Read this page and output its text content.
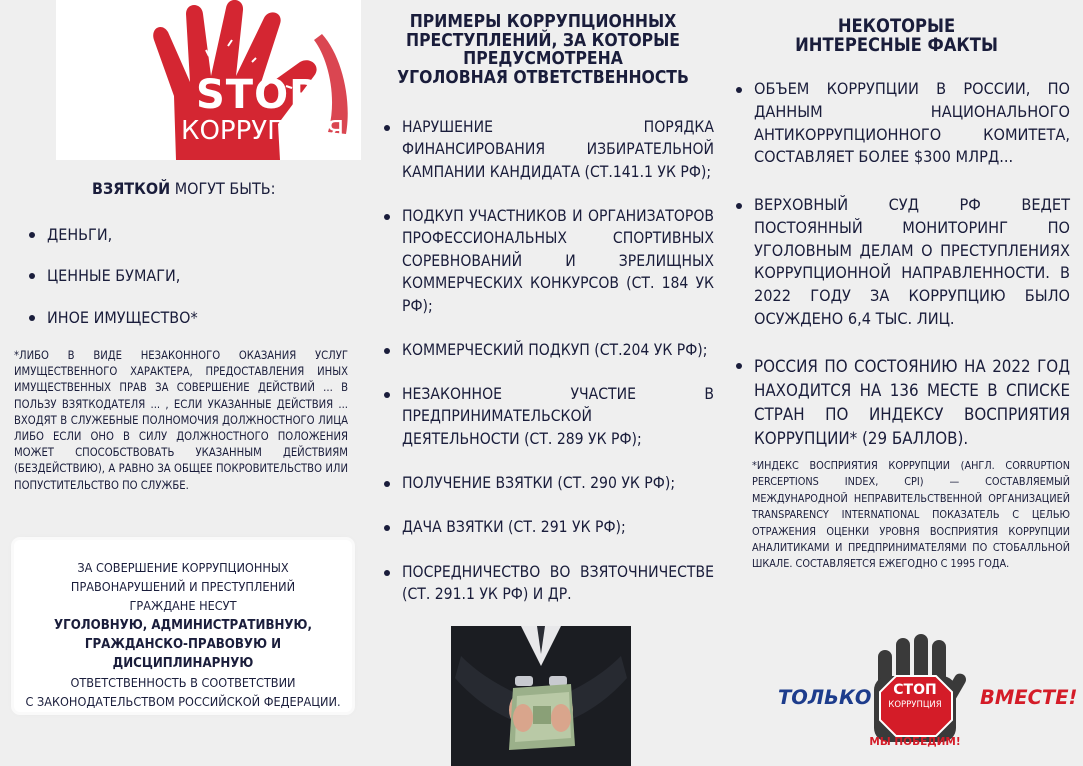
STOP
КОРРУПЦИЯ
ВЗЯТКОЙ МОГУТ БЫТЬ:
ДЕНЬГИ,
ЦЕННЫЕ БУМАГИ,
ИНОЕ ИМУЩЕСТВО*
*ЛИБО В ВИДЕ НЕЗАКОННОГО ОКАЗАНИЯ УСЛУГ ИМУЩЕСТВЕННОГО ХАРАКТЕРА, ПРЕДОСТАВЛЕНИЯ ИНЫХ ИМУЩЕСТВЕННЫХ ПРАВ ЗА СОВЕРШЕНИЕ ДЕЙСТВИЙ ... В ПОЛЬЗУ ВЗЯТКОДАТЕЛЯ ... , ЕСЛИ УКАЗАННЫЕ ДЕЙСТВИЯ ... ВХОДЯТ В СЛУЖЕБНЫЕ ПОЛНОМОЧИЯ ДОЛЖНОСТНОГО ЛИЦА ЛИБО ЕСЛИ ОНО В СИЛУ ДОЛЖНОСТНОГО ПОЛОЖЕНИЯ МОЖЕТ СПОСОБСТВОВАТЬ УКАЗАННЫМ ДЕЙСТВИЯМ (БЕЗДЕЙСТВИЮ), А РАВНО ЗА ОБЩЕЕ ПОКРОВИТЕЛЬСТВО ИЛИ ПОПУСТИТЕЛЬСТВО ПО СЛУЖБЕ.
ЗА СОВЕРШЕНИЕ КОРРУПЦИОННЫХ
ПРАВОНАРУШЕНИЙ И ПРЕСТУПЛЕНИЙ
ГРАЖДАНЕ НЕСУТ
УГОЛОВНУЮ, АДМИНИСТРАТИВНУЮ,
ГРАЖДАНСКО-ПРАВОВУЮ И ДИСЦИПЛИНАРНУЮ
ОТВЕТСТВЕННОСТЬ В СООТВЕТСТВИИ
С ЗАКОНОДАТЕЛЬСТВОМ РОССИЙСКОЙ ФЕДЕРАЦИИ.
ПРИМЕРЫ КОРРУПЦИОННЫХ
ПРЕСТУПЛЕНИЙ, ЗА КОТОРЫЕ
ПРЕДУСМОТРЕНА
УГОЛОВНАЯ ОТВЕТСТВЕННОСТЬ
НАРУШЕНИЕ ПОРЯДКА ФИНАНСИРОВАНИЯ ИЗБИРАТЕЛЬНОЙ КАМПАНИИ КАНДИДАТА (СТ.141.1 УК РФ);
ПОДКУП УЧАСТНИКОВ И ОРГАНИЗАТОРОВ ПРОФЕССИОНАЛЬНЫХ СПОРТИВНЫХ СОРЕВНОВАНИЙ И ЗРЕЛИЩНЫХ КОММЕРЧЕСКИХ КОНКУРСОВ (СТ. 184 УК РФ);
КОММЕРЧЕСКИЙ ПОДКУП (СТ.204 УК РФ);
НЕЗАКОННОЕ УЧАСТИЕ В ПРЕДПРИНИМАТЕЛЬСКОЙ ДЕЯТЕЛЬНОСТИ (СТ. 289 УК РФ);
ПОЛУЧЕНИЕ ВЗЯТКИ (СТ. 290 УК РФ);
ДАЧА ВЗЯТКИ (СТ. 291 УК РФ);
ПОСРЕДНИЧЕСТВО ВО ВЗЯТОЧНИЧЕСТВЕ (СТ. 291.1 УК РФ) И ДР.
НЕКОТОРЫЕ
ИНТЕРЕСНЫЕ ФАКТЫ
ОБЪЕМ КОРРУПЦИИ В РОССИИ, ПО ДАННЫМ НАЦИОНАЛЬНОГО АНТИКОРРУПЦИОННОГО КОМИТЕТА, СОСТАВЛЯЕТ БОЛЕЕ $300 МЛРД...
ВЕРХОВНЫЙ СУД РФ ВЕДЕТ ПОСТОЯННЫЙ МОНИТОРИНГ ПО УГОЛОВНЫМ ДЕЛАМ О ПРЕСТУПЛЕНИЯХ КОРРУПЦИОННОЙ НАПРАВЛЕННОСТИ. В 2022 ГОДУ ЗА КОРРУПЦИЮ БЫЛО ОСУЖДЕНО 6,4 ТЫС. ЛИЦ.
РОССИЯ ПО СОСТОЯНИЮ НА 2022 ГОД НАХОДИТСЯ НА 136 МЕСТЕ В СПИСКЕ СТРАН ПО ИНДЕКСУ ВОСПРИЯТИЯ КОРРУПЦИИ* (29 БАЛЛОВ).
*ИНДЕКС ВОСПРИЯТИЯ КОРРУПЦИИ (АНГЛ. CORRUPTION PERCEPTIONS INDEX, CPI) — СОСТАВЛЯЕМЫЙ МЕЖДУНАРОДНОЙ НЕПРАВИТЕЛЬСТВЕННОЙ ОРГАНИЗАЦИЕЙ TRANSPARENCY INTERNATIONAL ПОКАЗАТЕЛЬ С ЦЕЛЬЮ ОТРАЖЕНИЯ ОЦЕНКИ УРОВНЯ ВОСПРИЯТИЯ КОРРУПЦИИ АНАЛИТИКАМИ И ПРЕДПРИНИМАТЕЛЯМИ ПО СТОБАЛЛЬНОЙ ШКАЛЕ. СОСТАВЛЯЕТСЯ ЕЖЕГОДНО С 1995 ГОДА.
ТОЛЬКО	СТОП
КОРРУПЦИЯ
МЫ ПОБЕДИМ!
ВМЕСТЕ!
